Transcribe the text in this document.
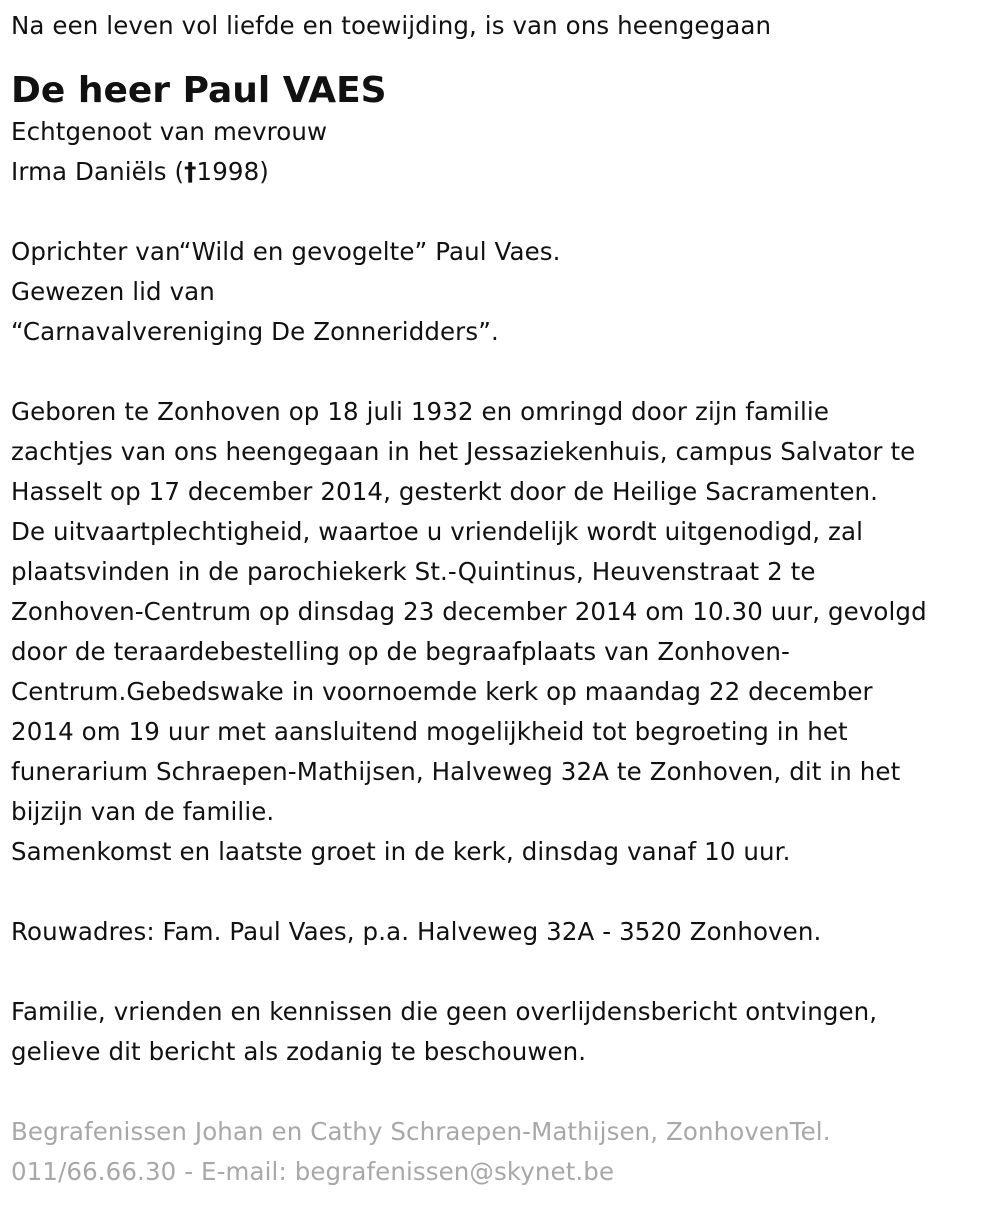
Na een leven vol liefde en toewijding, is van ons heengegaan
De heer Paul VAES
Echtgenoot van mevrouw
Irma Daniëls (†1998)
Oprichter van“Wild en gevogelte” Paul Vaes.
Gewezen lid van
“Carnavalvereniging De Zonneridders”.
Geboren te Zonhoven op 18 juli 1932 en omringd door zijn familie
zachtjes van ons heengegaan in het Jessaziekenhuis, campus Salvator te
Hasselt op 17 december 2014, gesterkt door de Heilige Sacramenten.
De uitvaartplechtigheid, waartoe u vriendelijk wordt uitgenodigd, zal
plaatsvinden in de parochiekerk St.-Quintinus, Heuvenstraat 2 te
Zonhoven-Centrum op dinsdag 23 december 2014 om 10.30 uur, gevolgd
door de teraardebestelling op de begraafplaats van Zonhoven-
Centrum.Gebedswake in voornoemde kerk op maandag 22 december
2014 om 19 uur met aansluitend mogelijkheid tot begroeting in het
funerarium Schraepen-Mathijsen, Halveweg 32A te Zonhoven, dit in het
bijzijn van de familie.
Samenkomst en laatste groet in de kerk, dinsdag vanaf 10 uur.
Rouwadres: Fam. Paul Vaes, p.a. Halveweg 32A - 3520 Zonhoven.
Familie, vrienden en kennissen die geen overlijdensbericht ontvingen,
gelieve dit bericht als zodanig te beschouwen.
Begrafenissen Johan en Cathy Schraepen-Mathijsen, ZonhovenTel.
011/66.66.30 - E-mail: begrafenissen@skynet.be
